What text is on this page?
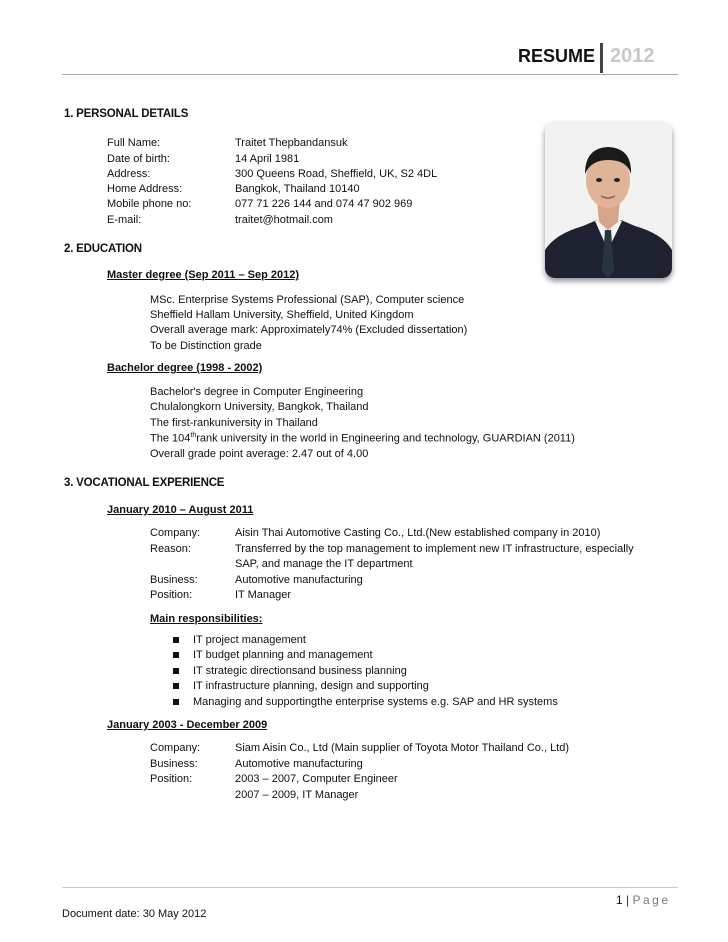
RESUME 2012
1. PERSONAL DETAILS
Full Name:	Traitet Thepbandansuk
Date of birth:	14 April 1981
Address:	300 Queens Road, Sheffield, UK, S2 4DL
Home Address:	Bangkok, Thailand 10140
Mobile phone no:	077 71 226 144 and 074 47 902 969
E-mail:	traitet@hotmail.com
2. EDUCATION
Master degree (Sep 2011 – Sep 2012)
MSc. Enterprise Systems Professional (SAP), Computer science
Sheffield Hallam University, Sheffield, United Kingdom
Overall average mark: Approximately74% (Excluded dissertation)
To be Distinction grade
Bachelor degree (1998 - 2002)
Bachelor's degree in Computer Engineering
Chulalongkorn University, Bangkok, Thailand
The first-rankuniversity in Thailand
The 104thrank university in the world in Engineering and technology, GUARDIAN (2011)
Overall grade point average: 2.47 out of 4.00
3. VOCATIONAL EXPERIENCE
January 2010 – August 2011
Company:	Aisin Thai Automotive Casting Co., Ltd.(New established company in 2010)
Reason:	Transferred by the top management to implement new IT infrastructure, especially
SAP, and manage the IT department
Business:	Automotive manufacturing
Position:	IT Manager
Main responsibilities:
IT project management
IT budget planning and management
IT strategic directionsand business planning
IT infrastructure planning, design and supporting
Managing and supportingthe enterprise systems e.g. SAP and HR systems
January 2003 - December 2009
Company:	Siam Aisin Co., Ltd (Main supplier of Toyota Motor Thailand Co., Ltd)
Business:	Automotive manufacturing
Position:	2003 – 2007, Computer Engineer
2007 – 2009, IT Manager
1 | Page
Document date: 30 May 2012
